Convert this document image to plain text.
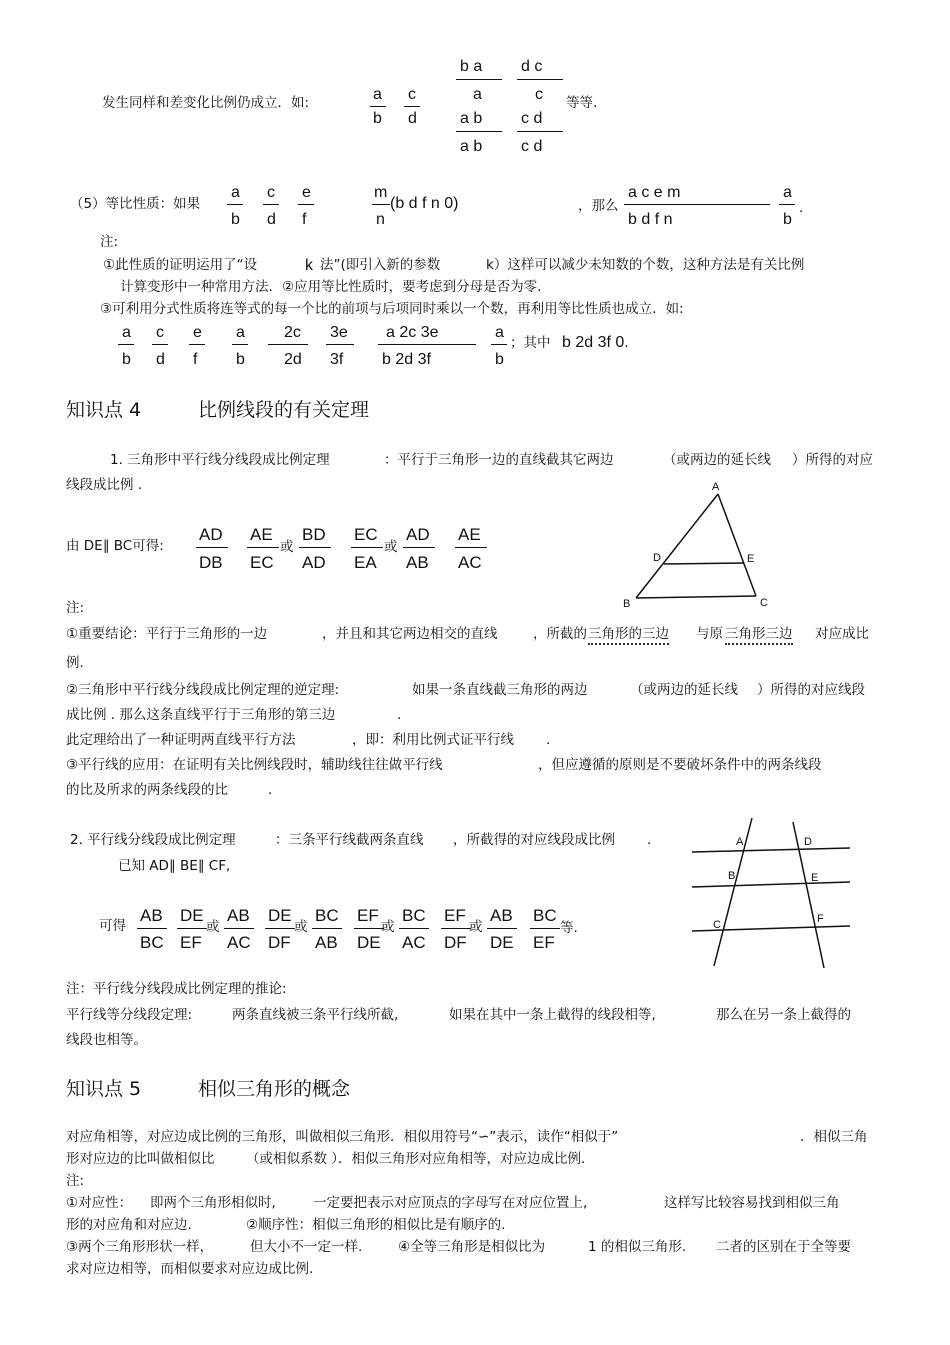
发生同样和差变化比例仍成立．如:	a
b
c
d
b a
a
d c
c 等等.
a b
a b
c d
c d
（5）等比性质：如果
a
b
c
d
e
f
m
n
(b d f n 0)	，那么
a c e m
b d f n
a
b
.
注:
①此性质的证明运用了“设	k 法”(即引入新的参数	k）这样可以减少未知数的个数，这种方法是有关比例
计算变形中一种常用方法．②应用等比性质时，要考虑到分母是否为零.
③可利用分式性质将连等式的每一个比的前项与后项同时乘以一个数，再利用等比性质也成立．如:
a
b
c
d
e
f
a
b
2c
2d
3e
3f
a 2c 3e
b 2d 3f
a
b
；其中 b 2d 3f 0.
知识点 4	比例线段的有关定理
1. 三角形中平行线分线段成比例定理	：平行于三角形一边的直线截其它两边	（或两边的延长线 ）所得的对应
线段成比例 .
由 DE∥ BC可得:
AD
DB
AE
EC
或
BD
AD
EC
EA
或
AD
AB
AE
AC
A
B	C
D	E
注:
①重要结论：平行于三角形的一边	，并且和其它两边相交的直线	，所截的 三角形的三边 与原 三角形三边 对应成比
例.
②三角形中平行线分线段成比例定理的逆定理:	如果一条直线截三角形的两边	（或两边的延长线 ）所得的对应线段
成比例 . 那么这条直线平行于三角形的第三边	.
此定理给出了一种证明两直线平行方法	，即：利用比例式证平行线 .
③平行线的应用：在证明有关比例线段时，辅助线往往做平行线	，但应遵循的原则是不要破坏条件中的两条线段
的比及所求的两条线段的比	.
2. 平行线分线段成比例定理	：三条平行线截两条直线 ，所截得的对应线段成比例 .
已知 AD∥ BE∥ CF,
可得
AB
BC
DE
EF
或
AB
AC
DE
DF
或
BC
AB
EF
DE
或
BC
AC
EF
DF
或
AB
DE
BC
EF
等.
A	D
B	E
C	F
注：平行线分线段成比例定理的推论:
平行线等分线段定理:	两条直线被三条平行线所截,	如果在其中一条上截得的线段相等,	那么在另一条上截得的
线段也相等。
知识点 5	相似三角形的概念
对应角相等，对应边成比例的三角形，叫做相似三角形．相似用符号“∽”表示，读作“相似于”	．相似三角
形对应边的比叫做相似比 （或相似系数 ）．相似三角形对应角相等，对应边成比例.
注:
①对应性： 即两个三角形相似时,	一定要把表示对应顶点的字母写在对应位置上,	这样写比较容易找到相似三角
形的对应角和对应边.	②顺序性：相似三角形的相似比是有顺序的.
③两个三角形形状一样，	但大小不一定一样.	④全等三角形是相似比为	1 的相似三角形. 二者的区别在于全等要
求对应边相等，而相似要求对应边成比例.
